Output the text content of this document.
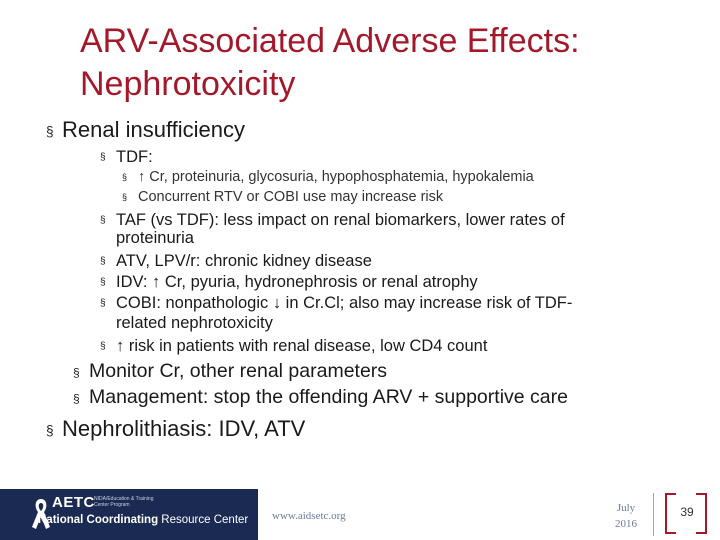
ARV-Associated Adverse Effects:
Nephrotoxicity
§ Renal insufficiency
§ TDF:
§ ↑ Cr, proteinuria, glycosuria, hypophosphatemia, hypokalemia
§ Concurrent RTV or COBI use may increase risk
§ TAF (vs TDF): less impact on renal biomarkers, lower rates of
proteinuria
§ ATV, LPV/r: chronic kidney disease
§ IDV: ↑ Cr, pyuria, hydronephrosis or renal atrophy
§ COBI: nonpathologic ↓ in Cr.Cl; also may increase risk of TDF-
related nephrotoxicity
§ ↑ risk in patients with renal disease, low CD4 count
§ Monitor Cr, other renal parameters
§ Management: stop the offending ARV + supportive care
§ Nephrolithiasis: IDV, ATV
AETC NIDA/Education & Training Center Program
National Coordinating Resource Center www.aidsetc.org
July
2016
39
